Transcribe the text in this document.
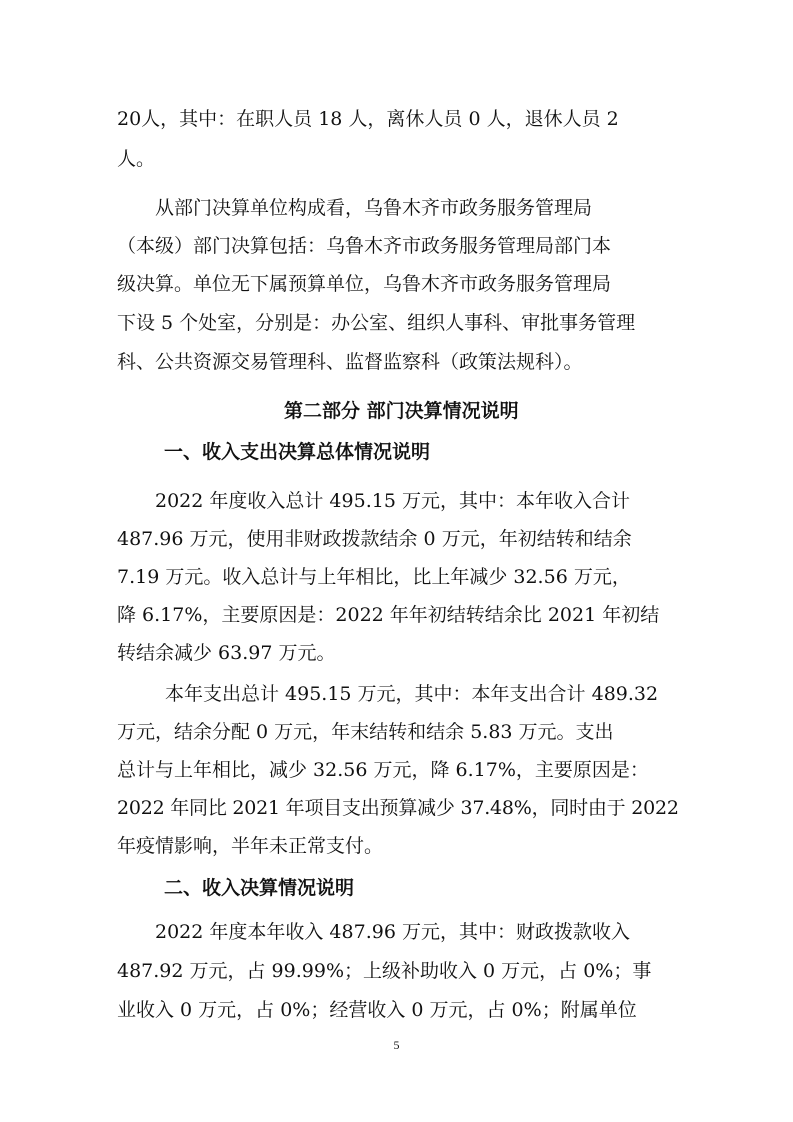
20人，其中：在职人员 18 人，离休人员 0 人，退休人员 2
人。
从部门决算单位构成看，乌鲁木齐市政务服务管理局
（本级）部门决算包括：乌鲁木齐市政务服务管理局部门本
级决算。单位无下属预算单位，乌鲁木齐市政务服务管理局
下设 5 个处室，分别是：办公室、组织人事科、审批事务管理
科、公共资源交易管理科、监督监察科（政策法规科）。
第二部分 部门决算情况说明
一、收入支出决算总体情况说明
2022 年度收入总计 495.15 万元，其中：本年收入合计
487.96 万元，使用非财政拨款结余 0 万元，年初结转和结余
7.19 万元。收入总计与上年相比，比上年减少 32.56 万元，
降 6.17%，主要原因是：2022 年年初结转结余比 2021 年初结
转结余减少 63.97 万元。
本年支出总计 495.15 万元，其中：本年支出合计 489.32
万元，结余分配 0 万元，年末结转和结余 5.83 万元。支出
总计与上年相比，减少 32.56 万元，降 6.17%，主要原因是：
2022 年同比 2021 年项目支出预算减少 37.48%，同时由于 2022
年疫情影响，半年未正常支付。
二、收入决算情况说明
2022 年度本年收入 487.96 万元，其中：财政拨款收入
487.92 万元，占 99.99%；上级补助收入 0 万元，占 0%；事
业收入 0 万元，占 0%；经营收入 0 万元，占 0%；附属单位
5
